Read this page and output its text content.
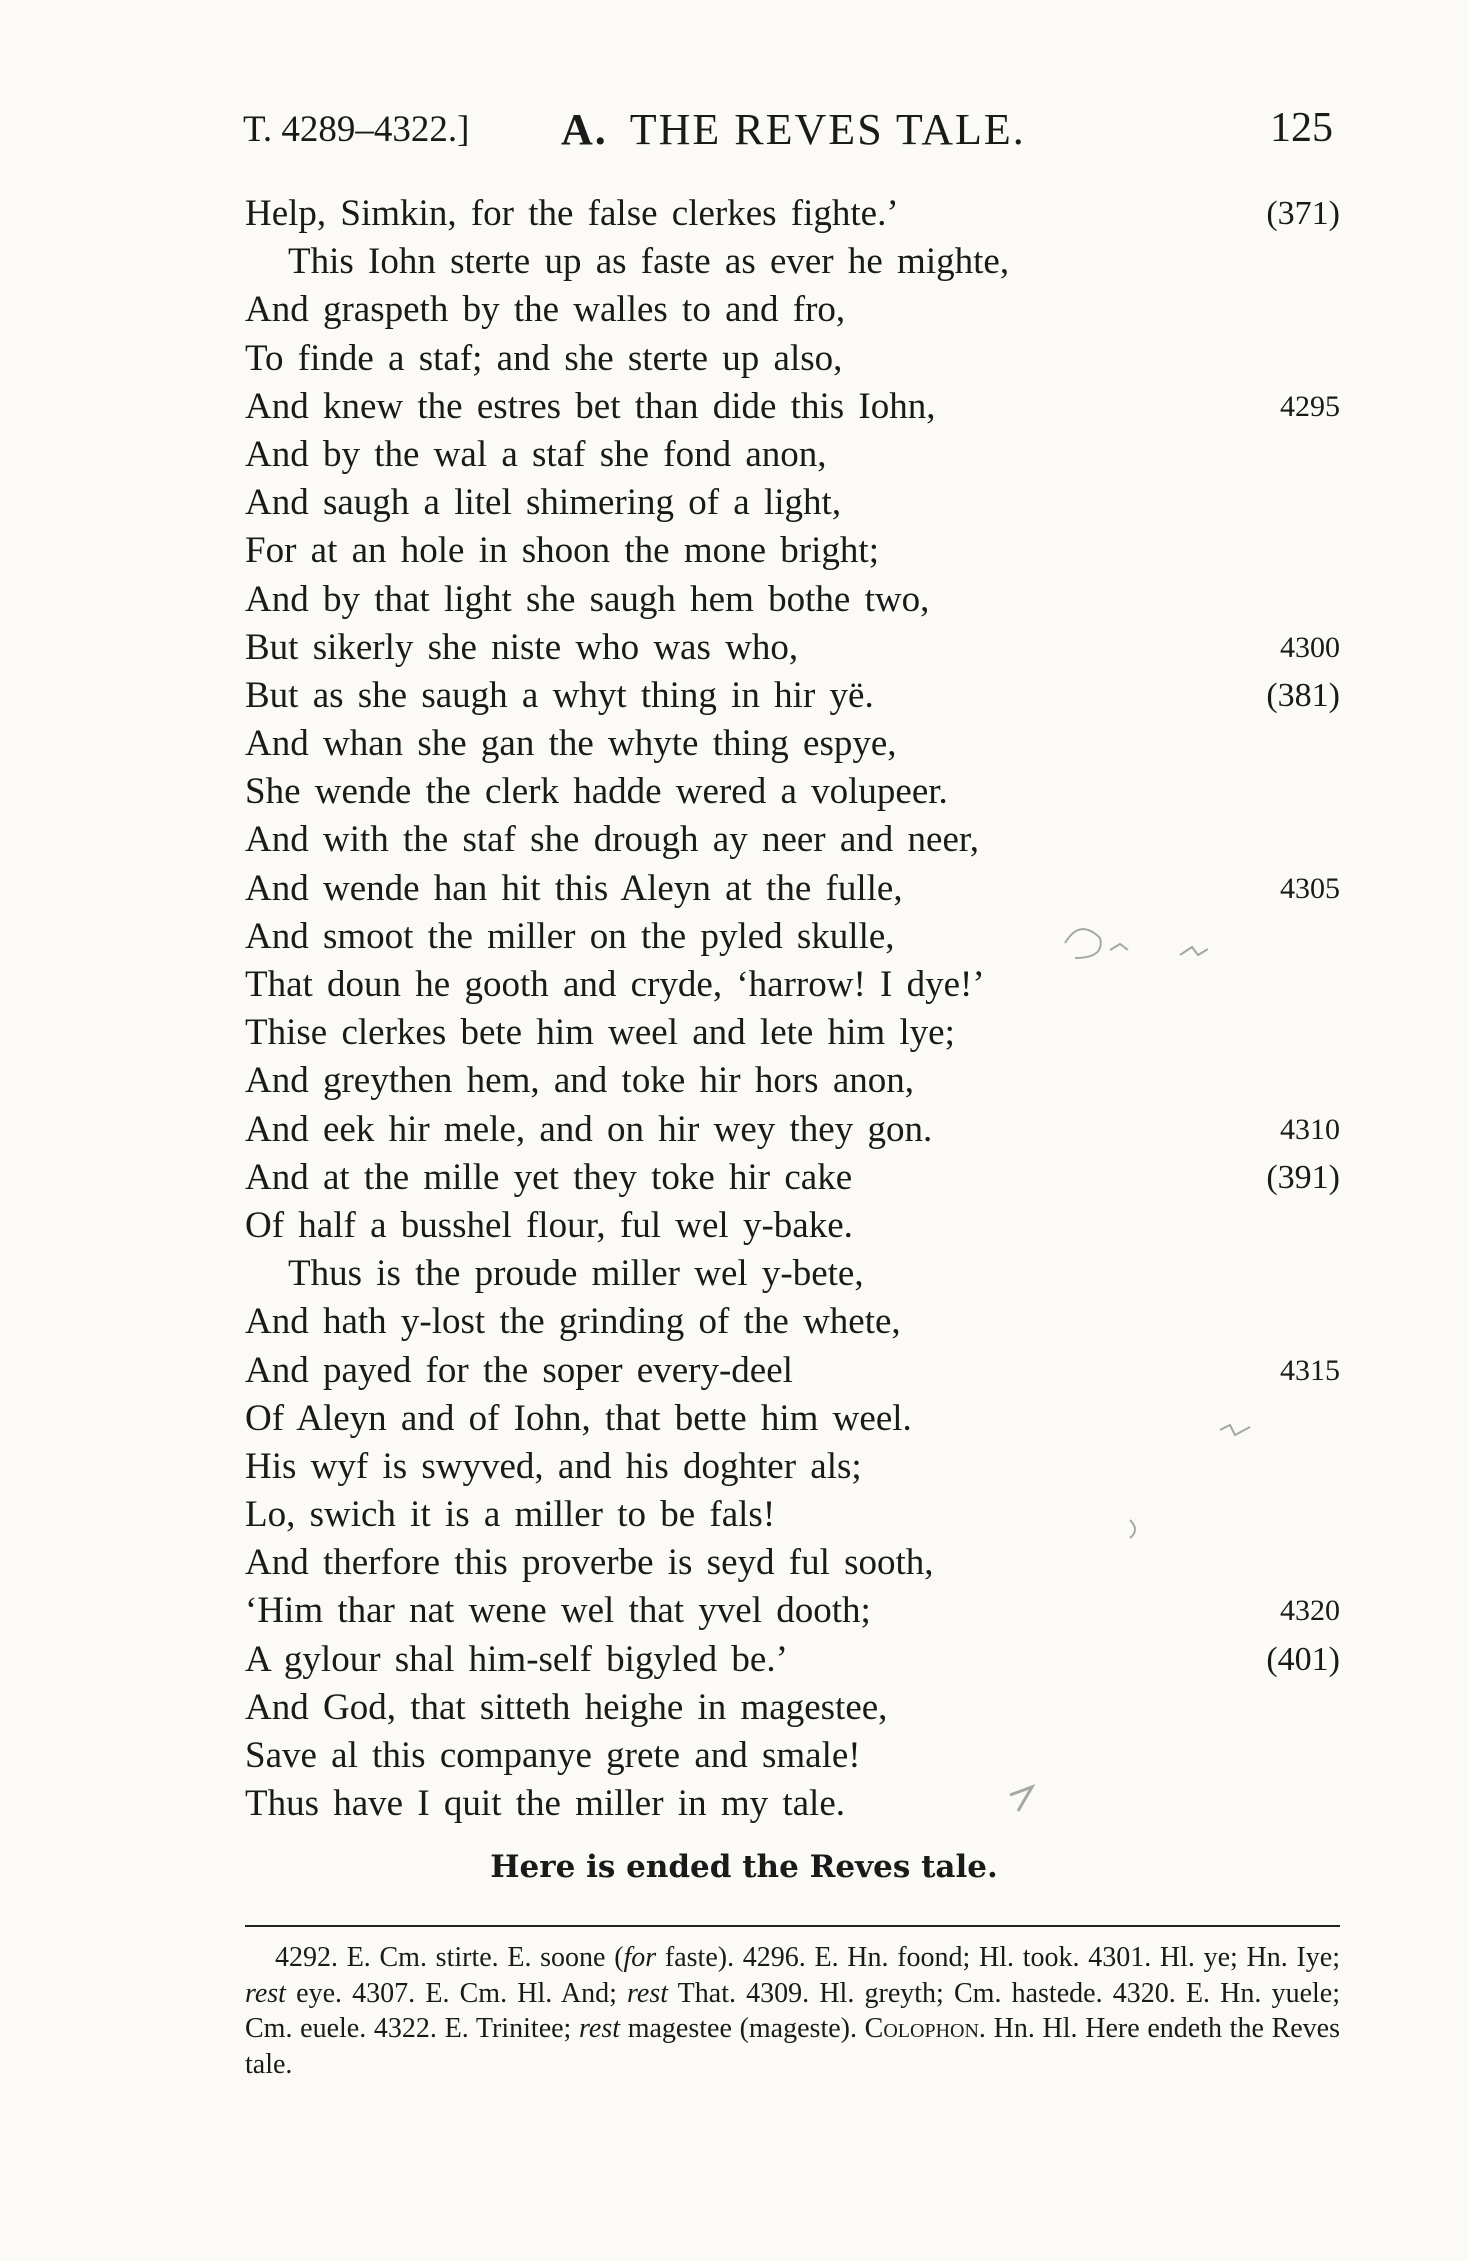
T. 4289–4322.] A. THE REVES TALE.	125
Help, Simkin, for the false clerkes fighte.’	(371)
This Iohn sterte up as faste as ever he mighte,
And graspeth by the walles to and fro,
To finde a staf; and she sterte up also,
And knew the estres bet than dide this Iohn,	4295
And by the wal a staf she fond anon,
And saugh a litel shimering of a light,
For at an hole in shoon the mone bright;
And by that light she saugh hem bothe two,
But sikerly she niste who was who,	4300
But as she saugh a whyt thing in hir yë.	(381)
And whan she gan the whyte thing espye,
She wende the clerk hadde wered a volupeer.
And with the staf she drough ay neer and neer,
And wende han hit this Aleyn at the fulle,	4305
And smoot the miller on the pyled skulle,
That doun he gooth and cryde, ‘harrow! I dye!’
Thise clerkes bete him weel and lete him lye;
And greythen hem, and toke hir hors anon,
And eek hir mele, and on hir wey they gon.	4310
And at the mille yet they toke hir cake	(391)
Of half a busshel flour, ful wel y-bake.
Thus is the proude miller wel y-bete,
And hath y-lost the grinding of the whete,
And payed for the soper every-deel	4315
Of Aleyn and of Iohn, that bette him weel.
His wyf is swyved, and his doghter als;
Lo, swich it is a miller to be fals!
And therfore this proverbe is seyd ful sooth,
‘Him thar nat wene wel that yvel dooth;	4320
A gylour shal him-self bigyled be.’	(401)
And God, that sitteth heighe in magestee,
Save al this companye grete and smale!
Thus have I quit the miller in my tale.
Here is ended the Reves tale.

4292. E. Cm. stirte. E. soone (for faste). 4296. E. Hn. foond; Hl. took. 4301. Hl. ye; Hn. Iye; rest eye. 4307. E. Cm. Hl. And; rest That. 4309. Hl. greyth; Cm. hastede. 4320. E. Hn. yuele; Cm. euele. 4322. E. Trinitee; rest magestee (mageste). Colophon. Hn. Hl. Here endeth the Reves tale.
